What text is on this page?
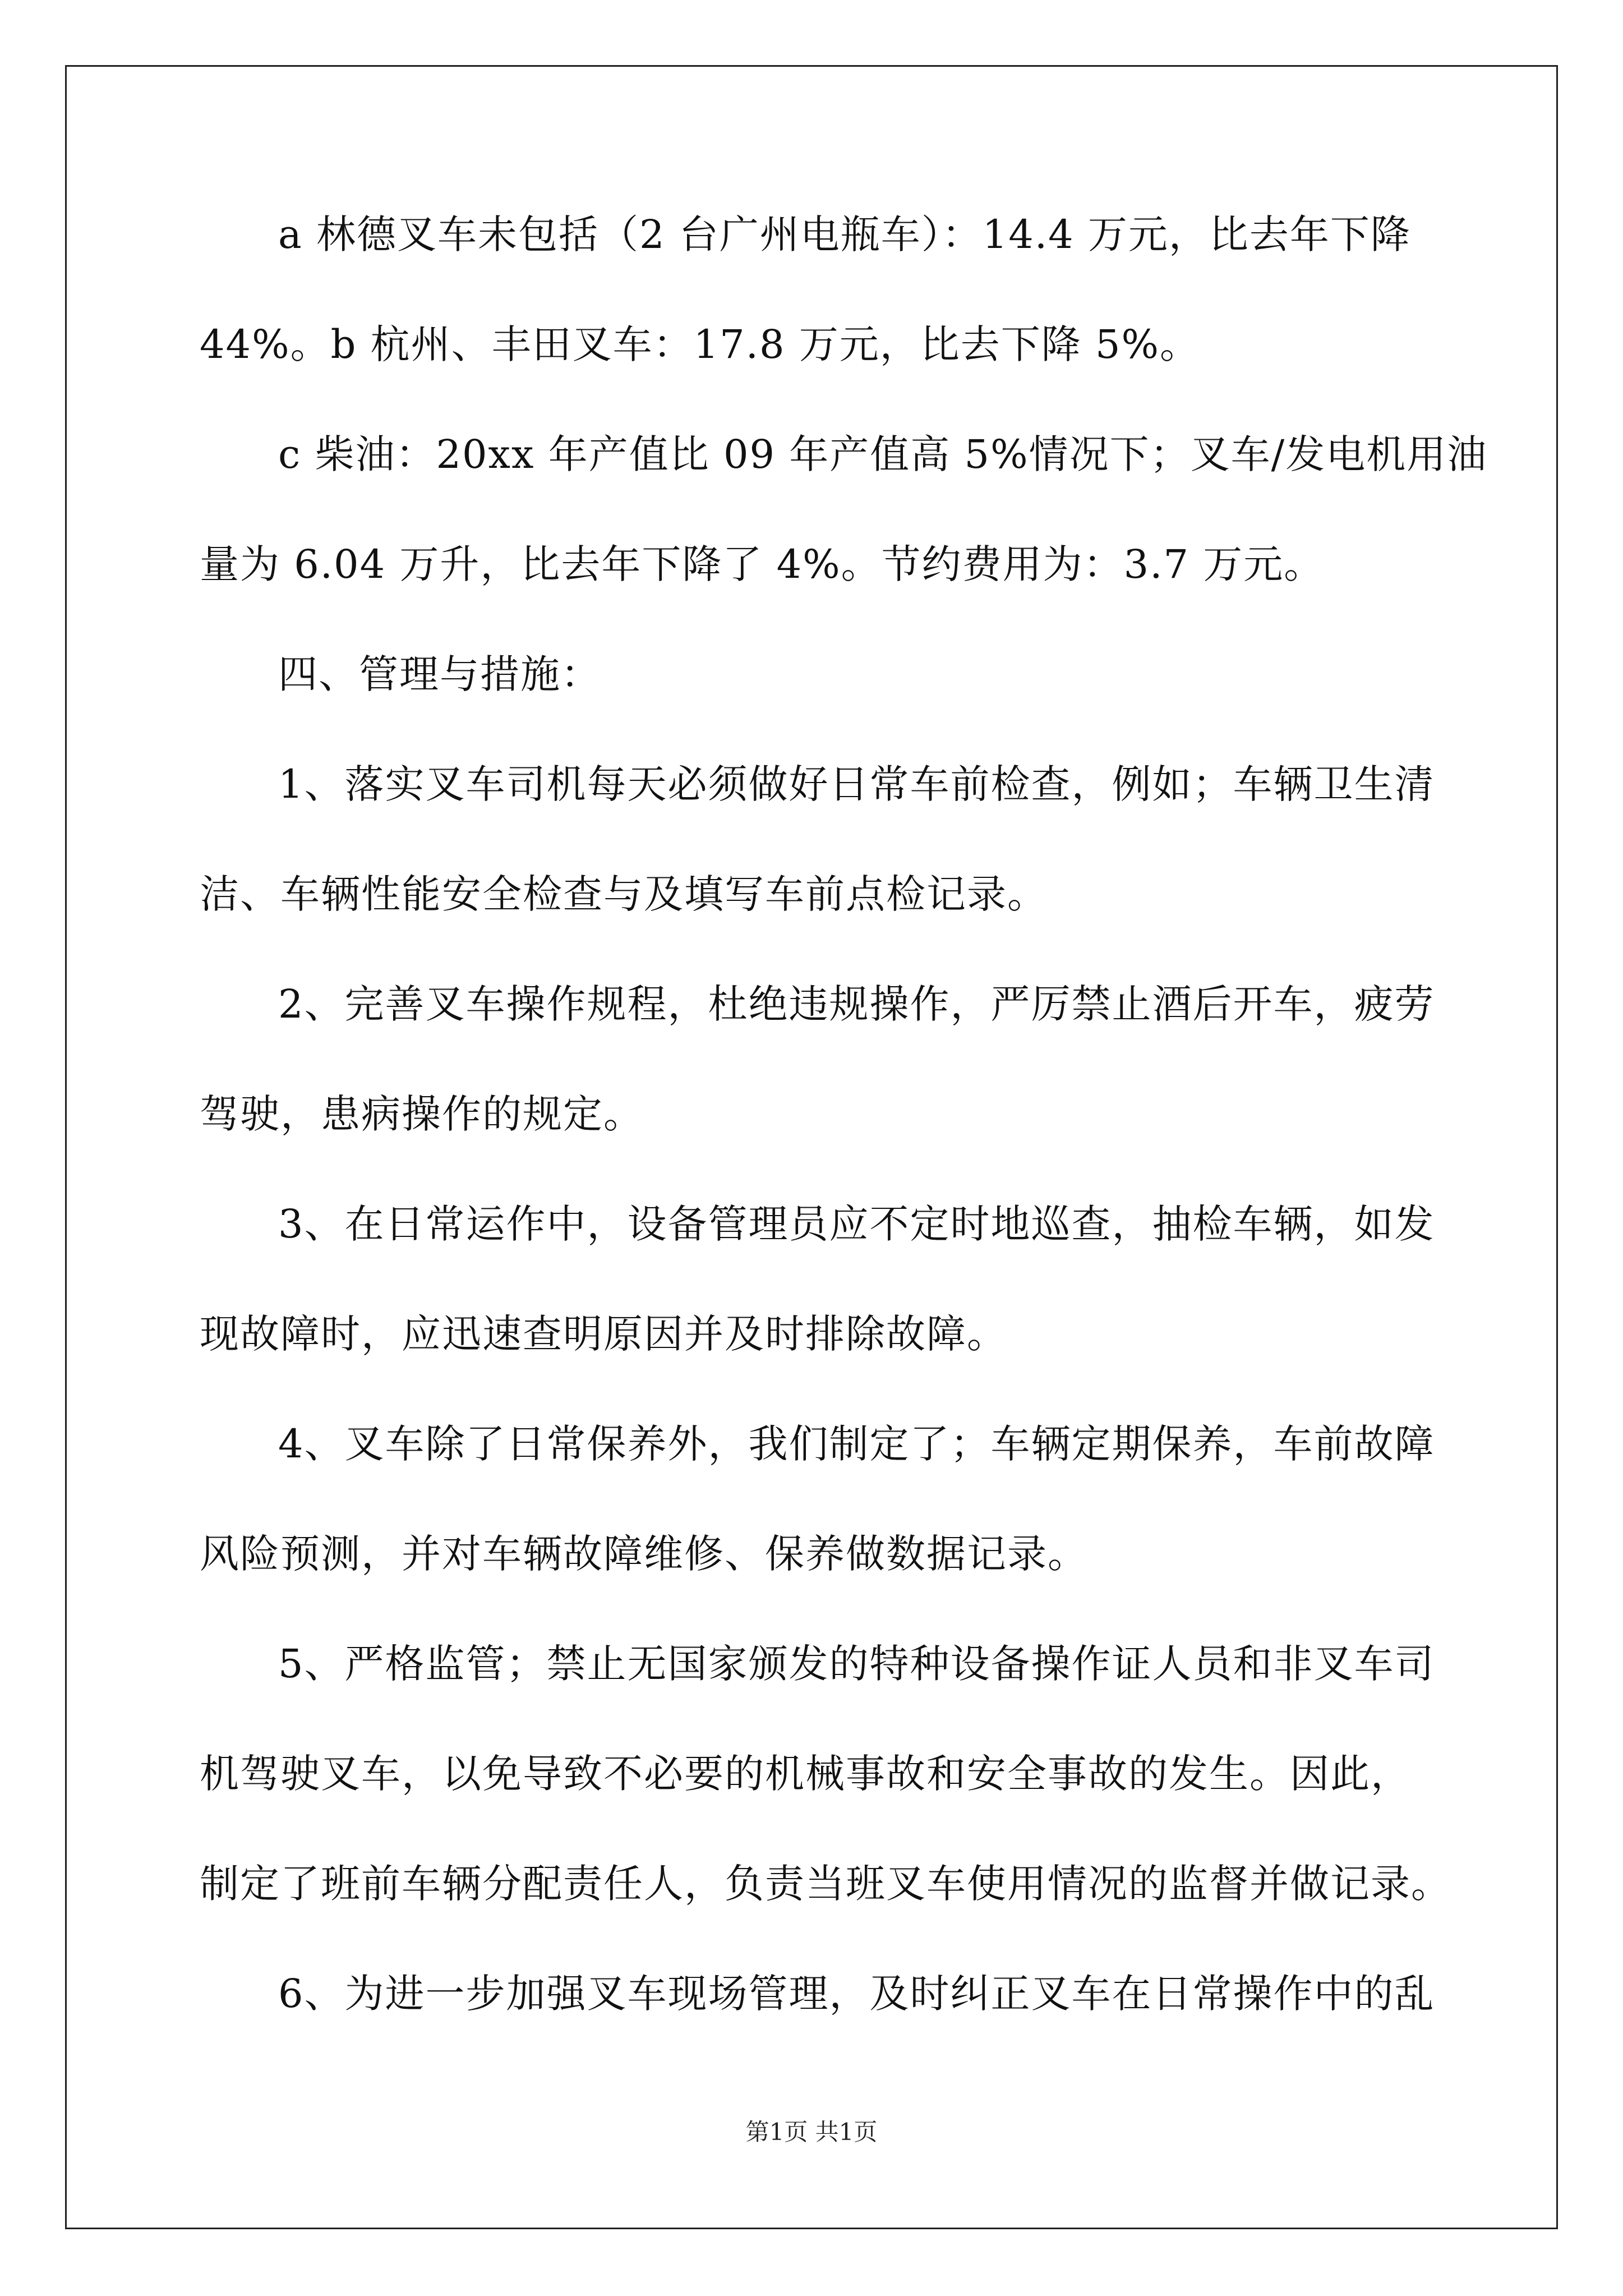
a 林德叉车未包括（2 台广州电瓶车）：14.4 万元，比去年下降
44%。b 杭州、丰田叉车：17.8 万元，比去下降 5%。
c 柴油：20xx 年产值比 09 年产值高 5%情况下；叉车/发电机用油
量为 6.04 万升，比去年下降了 4%。节约费用为：3.7 万元。
四、管理与措施：
1、落实叉车司机每天必须做好日常车前检查，例如；车辆卫生清
洁、车辆性能安全检查与及填写车前点检记录。
2、完善叉车操作规程，杜绝违规操作，严厉禁止酒后开车，疲劳
驾驶，患病操作的规定。
3、在日常运作中，设备管理员应不定时地巡查，抽检车辆，如发
现故障时，应迅速查明原因并及时排除故障。
4、叉车除了日常保养外，我们制定了；车辆定期保养，车前故障
风险预测，并对车辆故障维修、保养做数据记录。
5、严格监管；禁止无国家颁发的特种设备操作证人员和非叉车司
机驾驶叉车，以免导致不必要的机械事故和安全事故的发生。因此，
制定了班前车辆分配责任人，负责当班叉车使用情况的监督并做记录。
6、为进一步加强叉车现场管理，及时纠正叉车在日常操作中的乱
第1页 共1页
